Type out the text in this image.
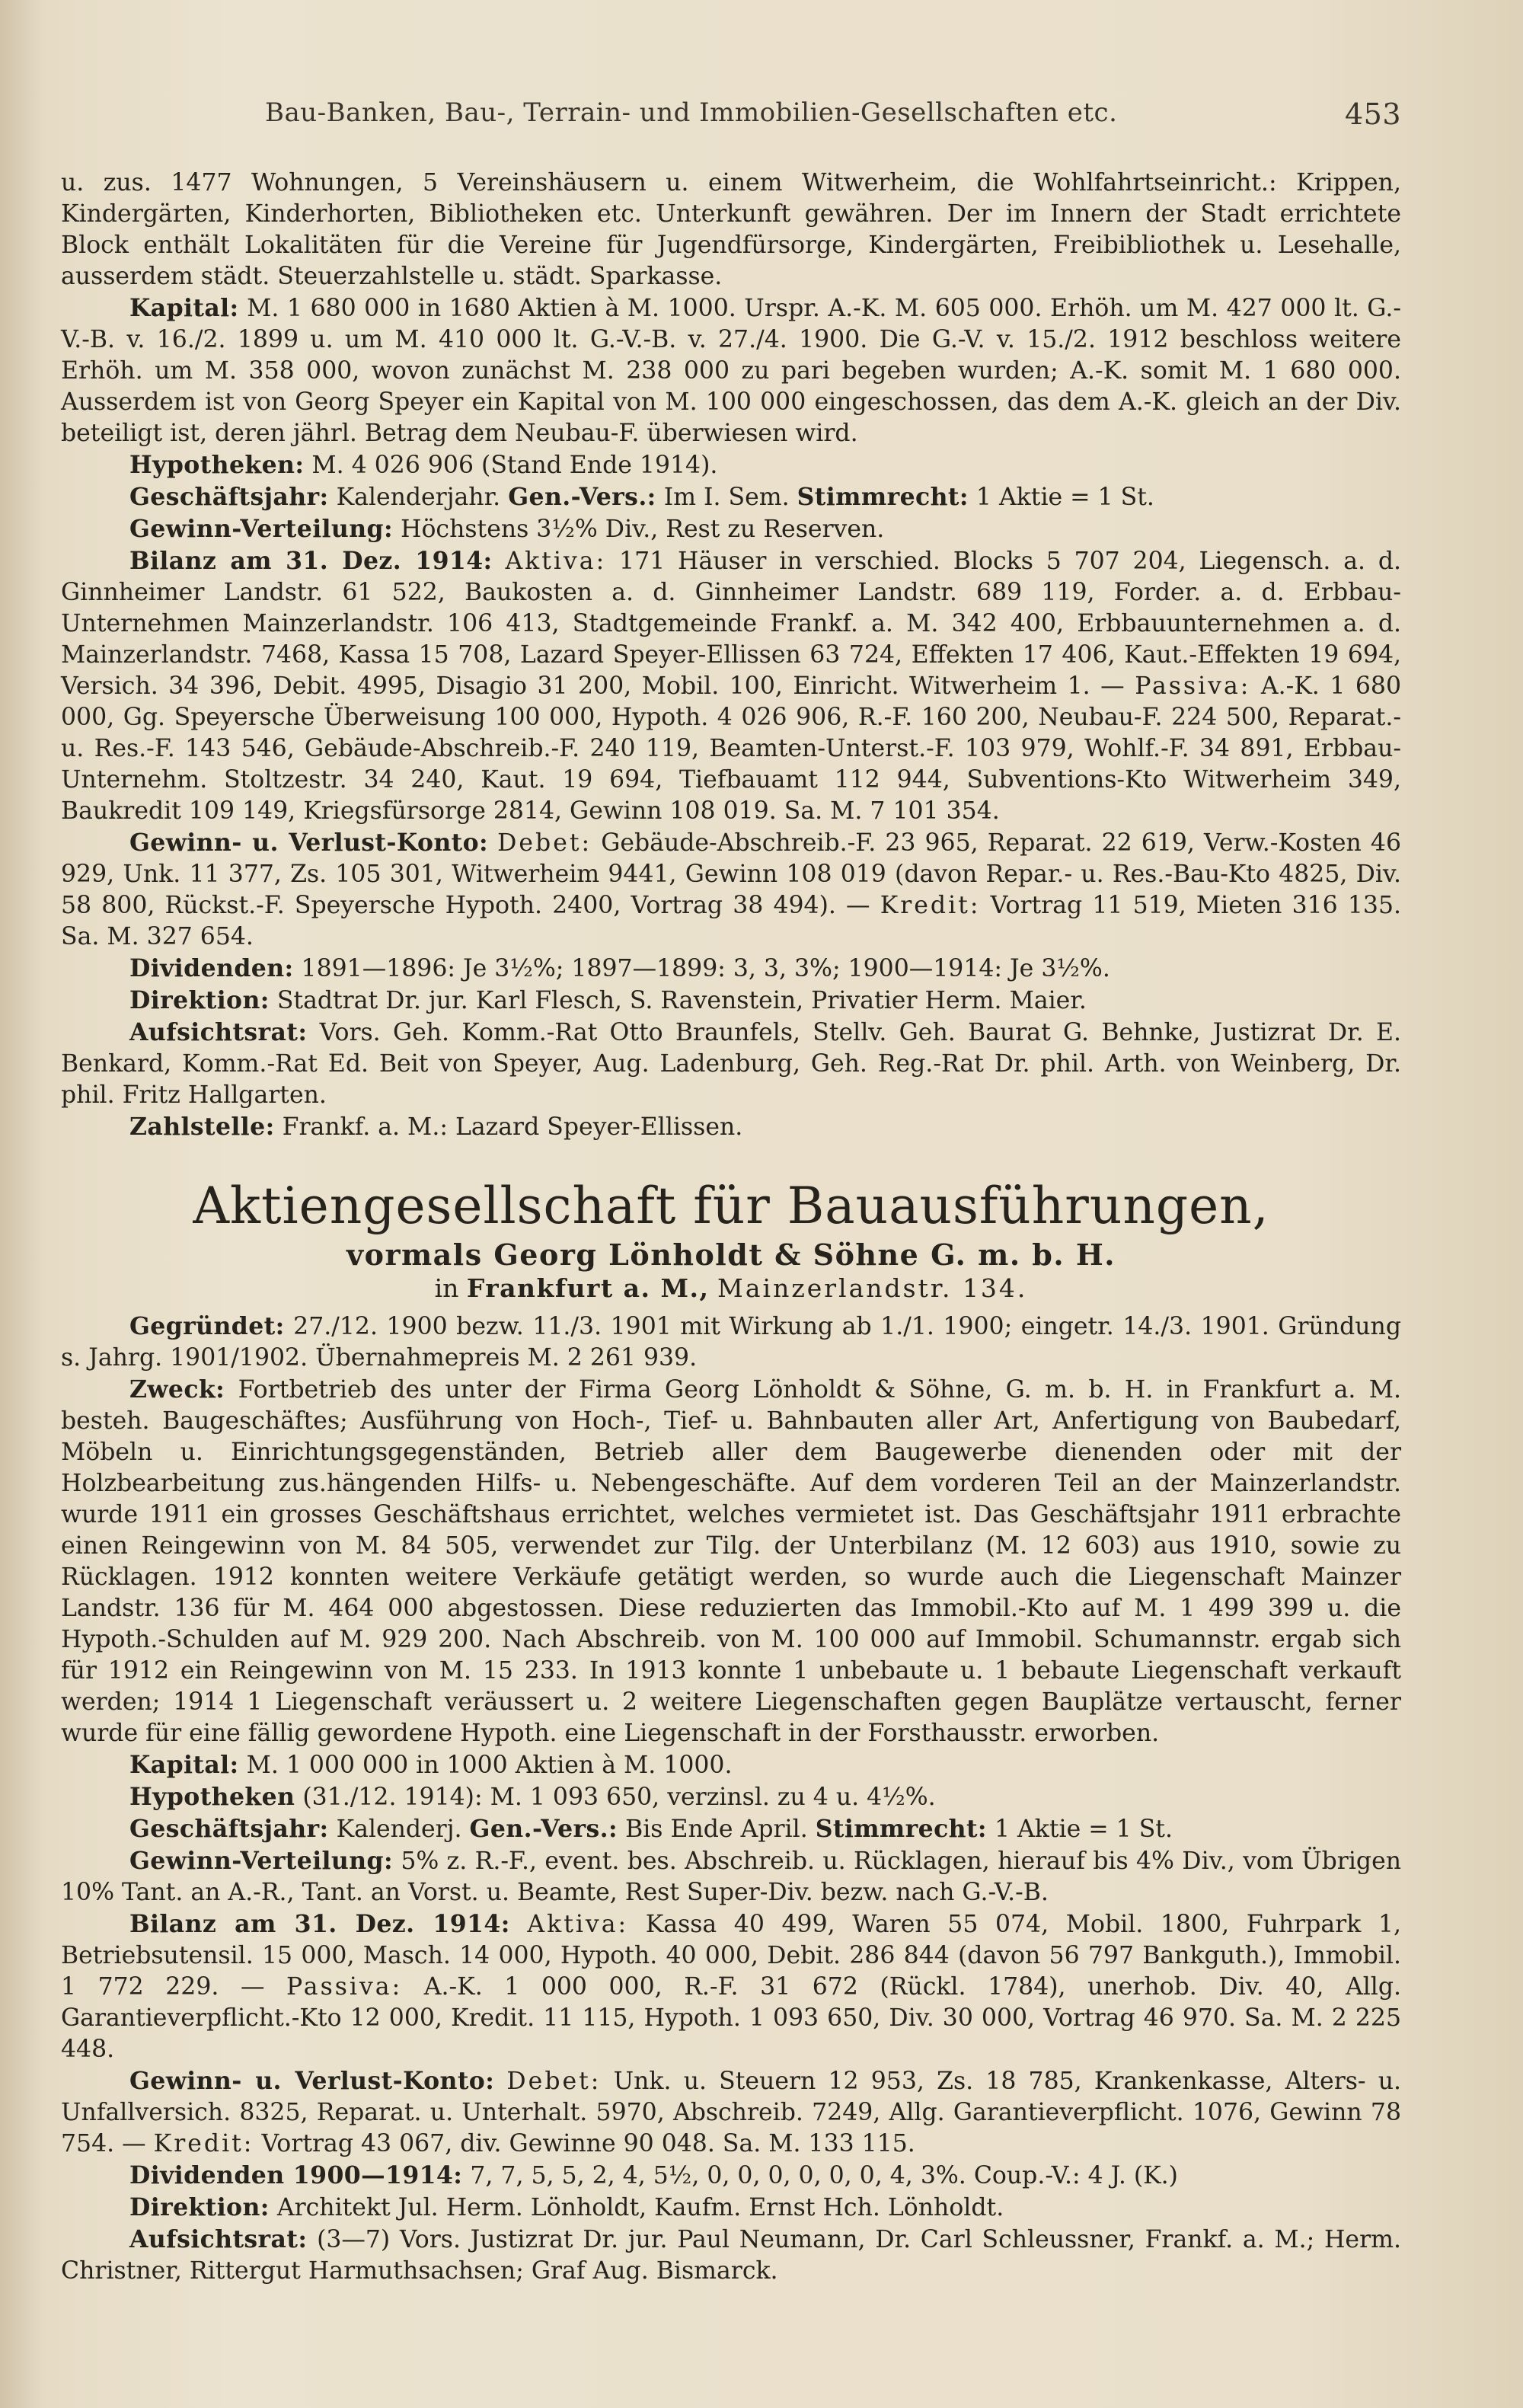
Bau-Banken, Bau-, Terrain- und Immobilien-Gesellschaften etc.	453

u. zus. 1477 Wohnungen, 5 Vereinshäusern u. einem Witwerheim, die Wohlfahrtseinricht.: Krippen, Kindergärten, Kinderhorten, Bibliotheken etc. Unterkunft gewähren. Der im Innern der Stadt errichtete Block enthält Lokalitäten für die Vereine für Jugendfürsorge, Kindergärten, Freibibliothek u. Lesehalle, ausserdem städt. Steuerzahlstelle u. städt. Sparkasse.

Kapital: M. 1 680 000 in 1680 Aktien à M. 1000. Urspr. A.-K. M. 605 000. Erhöh. um M. 427 000 lt. G.-V.-B. v. 16./2. 1899 u. um M. 410 000 lt. G.-V.-B. v. 27./4. 1900. Die G.-V. v. 15./2. 1912 beschloss weitere Erhöh. um M. 358 000, wovon zunächst M. 238 000 zu pari begeben wurden; A.-K. somit M. 1 680 000. Ausserdem ist von Georg Speyer ein Kapital von M. 100 000 eingeschossen, das dem A.-K. gleich an der Div. beteiligt ist, deren jährl. Betrag dem Neubau-F. überwiesen wird.

Hypotheken: M. 4 026 906 (Stand Ende 1914).

Geschäftsjahr: Kalenderjahr. Gen.-Vers.: Im I. Sem. Stimmrecht: 1 Aktie = 1 St.

Gewinn-Verteilung: Höchstens 3½% Div., Rest zu Reserven.

Bilanz am 31. Dez. 1914: Aktiva: 171 Häuser in verschied. Blocks 5 707 204, Liegensch. a. d. Ginnheimer Landstr. 61 522, Baukosten a. d. Ginnheimer Landstr. 689 119, Forder. a. d. Erbbau-Unternehmen Mainzerlandstr. 106 413, Stadtgemeinde Frankf. a. M. 342 400, Erbbauunternehmen a. d. Mainzerlandstr. 7468, Kassa 15 708, Lazard Speyer-Ellissen 63 724, Effekten 17 406, Kaut.-Effekten 19 694, Versich. 34 396, Debit. 4995, Disagio 31 200, Mobil. 100, Einricht. Witwerheim 1. — Passiva: A.-K. 1 680 000, Gg. Speyersche Überweisung 100 000, Hypoth. 4 026 906, R.-F. 160 200, Neubau-F. 224 500, Reparat.- u. Res.-F. 143 546, Gebäude-Abschreib.-F. 240 119, Beamten-Unterst.-F. 103 979, Wohlf.-F. 34 891, Erbbau-Unternehm. Stoltzestr. 34 240, Kaut. 19 694, Tiefbauamt 112 944, Subventions-Kto Witwerheim 349, Baukredit 109 149, Kriegsfürsorge 2814, Gewinn 108 019. Sa. M. 7 101 354.

Gewinn- u. Verlust-Konto: Debet: Gebäude-Abschreib.-F. 23 965, Reparat. 22 619, Verw.-Kosten 46 929, Unk. 11 377, Zs. 105 301, Witwerheim 9441, Gewinn 108 019 (davon Repar.- u. Res.-Bau-Kto 4825, Div. 58 800, Rückst.-F. Speyersche Hypoth. 2400, Vortrag 38 494). — Kredit: Vortrag 11 519, Mieten 316 135. Sa. M. 327 654.

Dividenden: 1891—1896: Je 3½%; 1897—1899: 3, 3, 3%; 1900—1914: Je 3½%.

Direktion: Stadtrat Dr. jur. Karl Flesch, S. Ravenstein, Privatier Herm. Maier.

Aufsichtsrat: Vors. Geh. Komm.-Rat Otto Braunfels, Stellv. Geh. Baurat G. Behnke, Justizrat Dr. E. Benkard, Komm.-Rat Ed. Beit von Speyer, Aug. Ladenburg, Geh. Reg.-Rat Dr. phil. Arth. von Weinberg, Dr. phil. Fritz Hallgarten.

Zahlstelle: Frankf. a. M.: Lazard Speyer-Ellissen.

Aktiengesellschaft für Bauausführungen,
vormals Georg Lönholdt & Söhne G. m. b. H.
in Frankfurt a. M., Mainzerlandstr. 134.

Gegründet: 27./12. 1900 bezw. 11./3. 1901 mit Wirkung ab 1./1. 1900; eingetr. 14./3. 1901. Gründung s. Jahrg. 1901/1902. Übernahmepreis M. 2 261 939.

Zweck: Fortbetrieb des unter der Firma Georg Lönholdt & Söhne, G. m. b. H. in Frankfurt a. M. besteh. Baugeschäftes; Ausführung von Hoch-, Tief- u. Bahnbauten aller Art, Anfertigung von Baubedarf, Möbeln u. Einrichtungsgegenständen, Betrieb aller dem Baugewerbe dienenden oder mit der Holzbearbeitung zus.hängenden Hilfs- u. Nebengeschäfte. Auf dem vorderen Teil an der Mainzerlandstr. wurde 1911 ein grosses Geschäftshaus errichtet, welches vermietet ist. Das Geschäftsjahr 1911 erbrachte einen Reingewinn von M. 84 505, verwendet zur Tilg. der Unterbilanz (M. 12 603) aus 1910, sowie zu Rücklagen. 1912 konnten weitere Verkäufe getätigt werden, so wurde auch die Liegenschaft Mainzer Landstr. 136 für M. 464 000 abgestossen. Diese reduzierten das Immobil.-Kto auf M. 1 499 399 u. die Hypoth.-Schulden auf M. 929 200. Nach Abschreib. von M. 100 000 auf Immobil. Schumannstr. ergab sich für 1912 ein Reingewinn von M. 15 233. In 1913 konnte 1 unbebaute u. 1 bebaute Liegenschaft verkauft werden; 1914 1 Liegenschaft veräussert u. 2 weitere Liegenschaften gegen Bauplätze vertauscht, ferner wurde für eine fällig gewordene Hypoth. eine Liegenschaft in der Forsthausstr. erworben.

Kapital: M. 1 000 000 in 1000 Aktien à M. 1000.

Hypotheken (31./12. 1914): M. 1 093 650, verzinsl. zu 4 u. 4½%.

Geschäftsjahr: Kalenderj. Gen.-Vers.: Bis Ende April. Stimmrecht: 1 Aktie = 1 St.

Gewinn-Verteilung: 5% z. R.-F., event. bes. Abschreib. u. Rücklagen, hierauf bis 4% Div., vom Übrigen 10% Tant. an A.-R., Tant. an Vorst. u. Beamte, Rest Super-Div. bezw. nach G.-V.-B.

Bilanz am 31. Dez. 1914: Aktiva: Kassa 40 499, Waren 55 074, Mobil. 1800, Fuhrpark 1, Betriebsutensil. 15 000, Masch. 14 000, Hypoth. 40 000, Debit. 286 844 (davon 56 797 Bankguth.), Immobil. 1 772 229. — Passiva: A.-K. 1 000 000, R.-F. 31 672 (Rückl. 1784), unerhob. Div. 40, Allg. Garantieverpflicht.-Kto 12 000, Kredit. 11 115, Hypoth. 1 093 650, Div. 30 000, Vortrag 46 970. Sa. M. 2 225 448.

Gewinn- u. Verlust-Konto: Debet: Unk. u. Steuern 12 953, Zs. 18 785, Krankenkasse, Alters- u. Unfallversich. 8325, Reparat. u. Unterhalt. 5970, Abschreib. 7249, Allg. Garantieverpflicht. 1076, Gewinn 78 754. — Kredit: Vortrag 43 067, div. Gewinne 90 048. Sa. M. 133 115.

Dividenden 1900—1914: 7, 7, 5, 5, 2, 4, 5½, 0, 0, 0, 0, 0, 0, 4, 3%. Coup.-V.: 4 J. (K.)

Direktion: Architekt Jul. Herm. Lönholdt, Kaufm. Ernst Hch. Lönholdt.

Aufsichtsrat: (3—7) Vors. Justizrat Dr. jur. Paul Neumann, Dr. Carl Schleussner, Frankf. a. M.; Herm. Christner, Rittergut Harmuthsachsen; Graf Aug. Bismarck.
